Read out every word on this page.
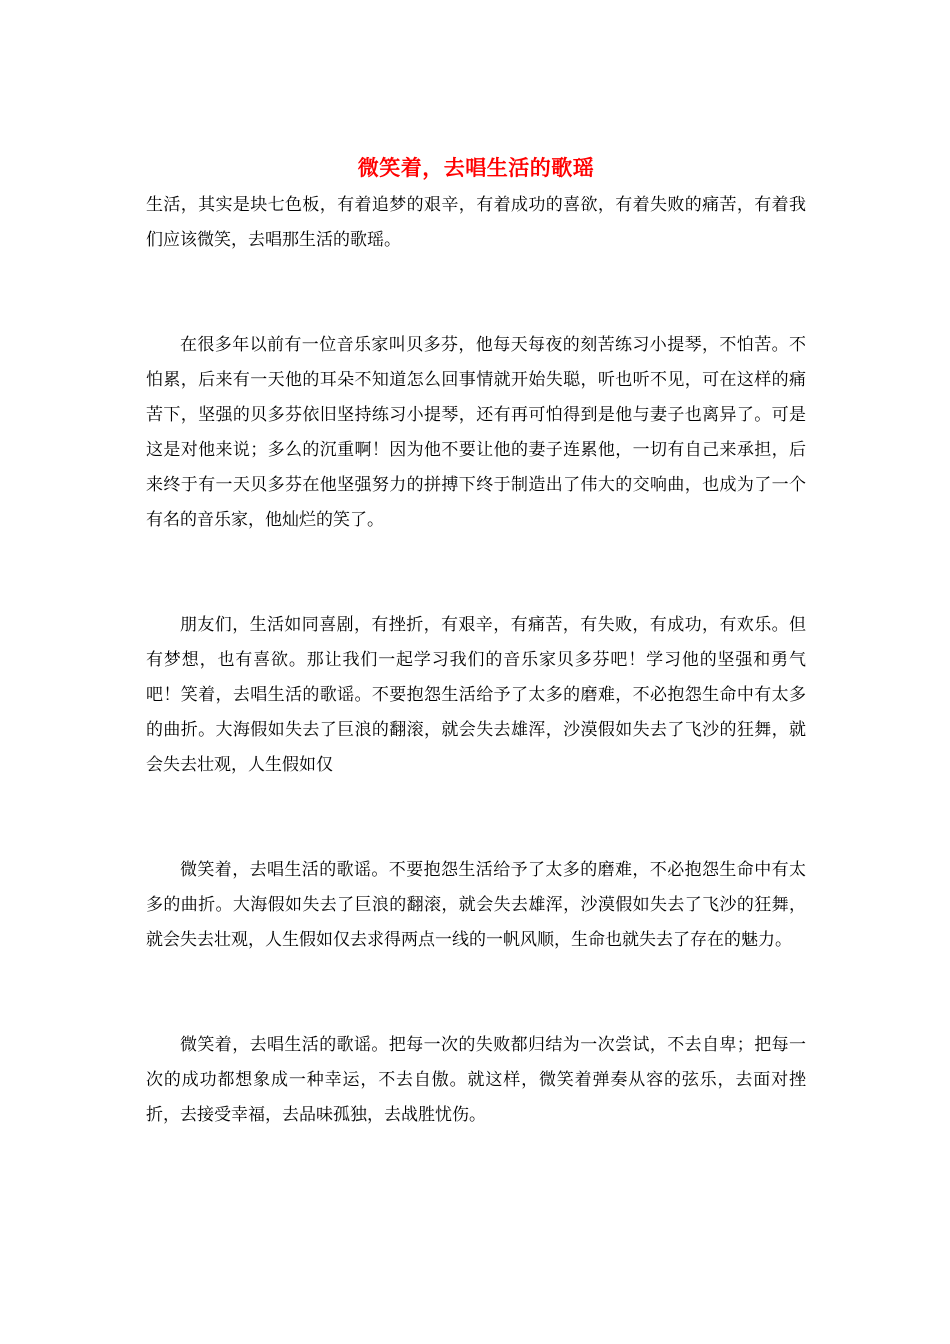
微笑着，去唱生活的歌瑶

生活，其实是块七色板，有着追梦的艰辛，有着成功的喜欲，有着失败的痛苦，有着我们应该微笑，去唱那生活的歌瑶。

在很多年以前有一位音乐家叫贝多芬，他每天每夜的刻苦练习小提琴，不怕苦。不怕累，后来有一天他的耳朵不知道怎么回事情就开始失聪，听也听不见，可在这样的痛苦下，坚强的贝多芬依旧坚持练习小提琴，还有再可怕得到是他与妻子也离异了。可是这是对他来说；多么的沉重啊！因为他不要让他的妻子连累他，一切有自己来承担，后来终于有一天贝多芬在他坚强努力的拼搏下终于制造出了伟大的交响曲，也成为了一个有名的音乐家，他灿烂的笑了。

朋友们，生活如同喜剧，有挫折，有艰辛，有痛苦，有失败，有成功，有欢乐。但有梦想，也有喜欲。那让我们一起学习我们的音乐家贝多芬吧！学习他的坚强和勇气吧！笑着，去唱生活的歌谣。不要抱怨生活给予了太多的磨难，不必抱怨生命中有太多的曲折。大海假如失去了巨浪的翻滚，就会失去雄浑，沙漠假如失去了飞沙的狂舞，就会失去壮观，人生假如仅

微笑着，去唱生活的歌谣。不要抱怨生活给予了太多的磨难，不必抱怨生命中有太多的曲折。大海假如失去了巨浪的翻滚，就会失去雄浑，沙漠假如失去了飞沙的狂舞，就会失去壮观，人生假如仅去求得两点一线的一帆风顺，生命也就失去了存在的魅力。

微笑着，去唱生活的歌谣。把每一次的失败都归结为一次尝试，不去自卑；把每一次的成功都想象成一种幸运，不去自傲。就这样，微笑着弹奏从容的弦乐，去面对挫折，去接受幸福，去品味孤独，去战胜忧伤。
